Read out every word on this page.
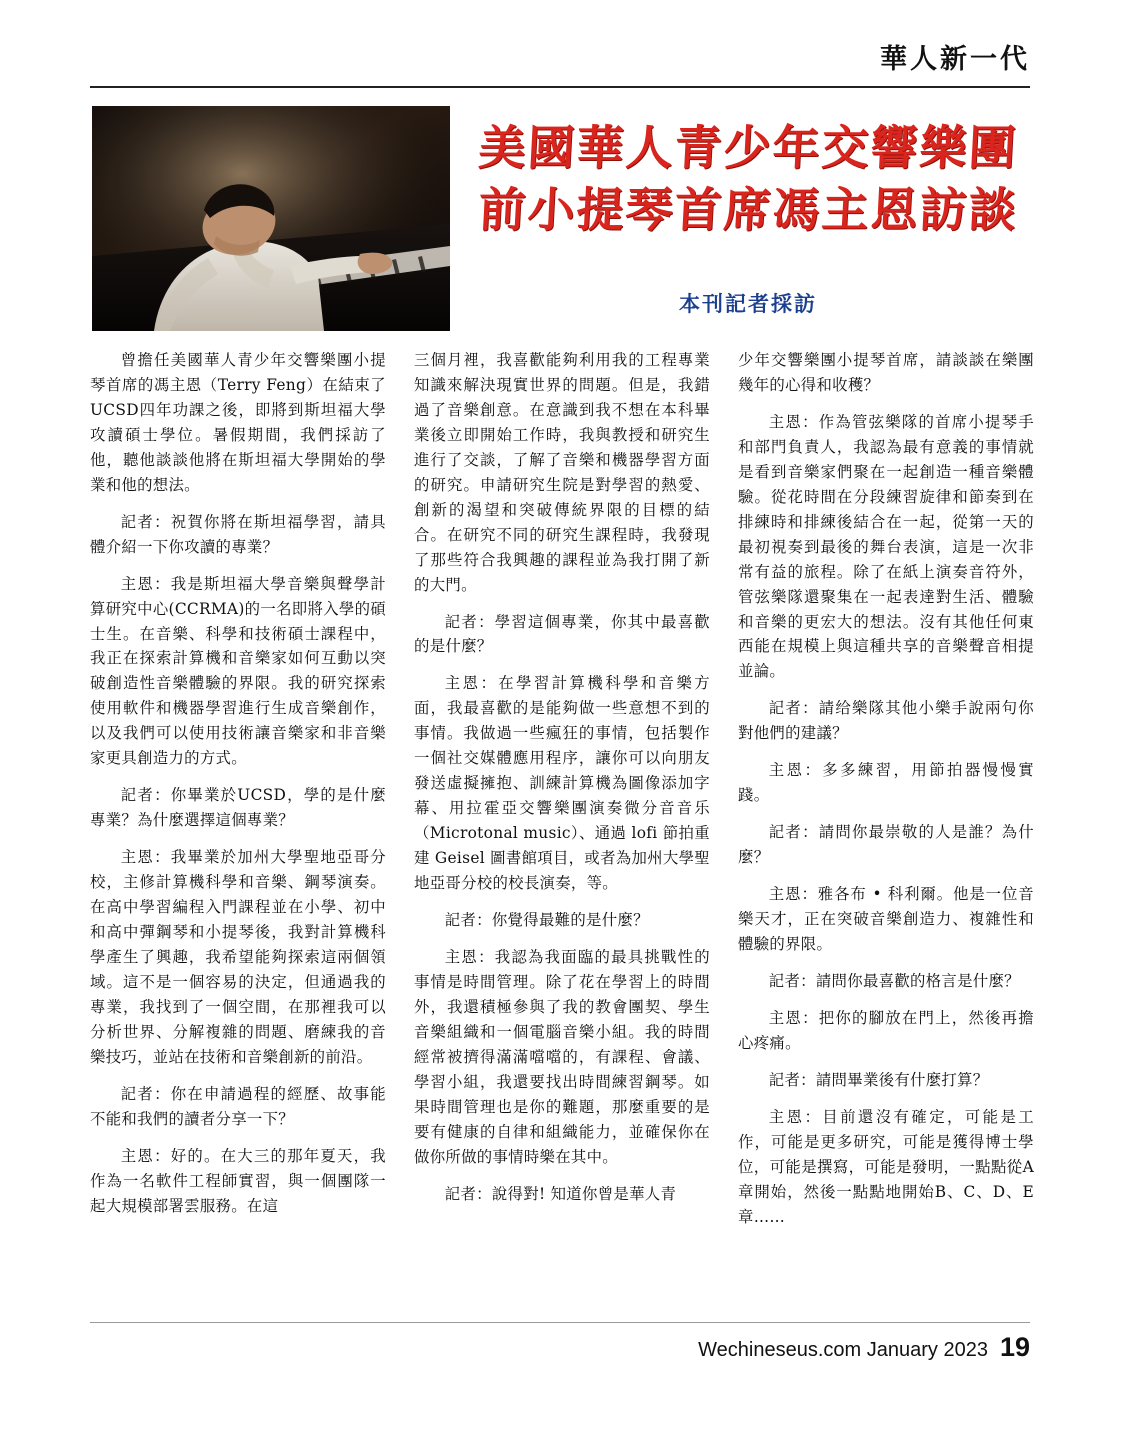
華人新一代
美國華人青少年交響樂團
前小提琴首席馮主恩訪談
本刊記者採訪

曾擔任美國華人青少年交響樂團小提琴首席的馮主恩（Terry Feng）在結束了UCSD四年功課之後，即將到斯坦福大學攻讀碩士學位。暑假期間，我們採訪了他，聽他談談他將在斯坦福大學開始的學業和他的想法。

記者：祝賀你將在斯坦福學習，請具體介紹一下你攻讀的專業？

主恩：我是斯坦福大學音樂與聲學計算研究中心(CCRMA)的一名即將入學的碩士生。在音樂、科學和技術碩士課程中，我正在探索計算機和音樂家如何互動以突破創造性音樂體驗的界限。我的研究探索使用軟件和機器學習進行生成音樂創作，以及我們可以使用技術讓音樂家和非音樂家更具創造力的方式。

記者：你畢業於UCSD，學的是什麼專業？為什麼選擇這個專業？

主恩：我畢業於加州大學聖地亞哥分校，主修計算機科學和音樂、鋼琴演奏。在高中學習編程入門課程並在小學、初中和高中彈鋼琴和小提琴後，我對計算機科學產生了興趣，我希望能夠探索這兩個領域。這不是一個容易的決定，但通過我的專業，我找到了一個空間，在那裡我可以分析世界、分解複雜的問題、磨練我的音樂技巧，並站在技術和音樂創新的前沿。

記者：你在申請過程的經歷、故事能不能和我們的讀者分享一下？

主恩：好的。在大三的那年夏天，我作為一名軟件工程師實習，與一個團隊一起大規模部署雲服務。在這

三個月裡，我喜歡能夠利用我的工程專業知識來解決現實世界的問題。但是，我錯過了音樂創意。在意識到我不想在本科畢業後立即開始工作時，我與教授和研究生進行了交談，了解了音樂和機器學習方面的研究。申請研究生院是對學習的熱愛、創新的渴望和突破傳統界限的目標的結合。在研究不同的研究生課程時，我發現了那些符合我興趣的課程並為我打開了新的大門。

記者：學習這個專業，你其中最喜歡的是什麼？

主恩：在學習計算機科學和音樂方面，我最喜歡的是能夠做一些意想不到的事情。我做過一些瘋狂的事情，包括製作一個社交媒體應用程序，讓你可以向朋友發送虛擬擁抱、訓練計算機為圖像添加字幕、用拉霍亞交響樂團演奏微分音音乐（Microtonal music）、通過 lofi 節拍重建 Geisel 圖書館項目，或者為加州大學聖地亞哥分校的校長演奏，等。

記者：你覺得最難的是什麼？

主恩：我認為我面臨的最具挑戰性的事情是時間管理。除了花在學習上的時間外，我還積極參與了我的教會團契、學生音樂組織和一個電腦音樂小組。我的時間經常被擠得滿滿噹噹的，有課程、會議、學習小組，我還要找出時間練習鋼琴。如果時間管理也是你的難題，那麼重要的是要有健康的自律和組織能力，並確保你在做你所做的事情時樂在其中。

記者：說得對! 知道你曾是華人青

少年交響樂團小提琴首席，請談談在樂團幾年的心得和收穫？

主恩：作為管弦樂隊的首席小提琴手和部門負責人，我認為最有意義的事情就是看到音樂家們聚在一起創造一種音樂體驗。從花時間在分段練習旋律和節奏到在排練時和排練後結合在一起，從第一天的最初視奏到最後的舞台表演，這是一次非常有益的旅程。除了在紙上演奏音符外，管弦樂隊還聚集在一起表達對生活、體驗和音樂的更宏大的想法。沒有其他任何東西能在規模上與這種共享的音樂聲音相提並論。

記者：請给樂隊其他小樂手說兩句你對他們的建議？

主恩：多多練習，用節拍器慢慢實踐。

記者：請問你最崇敬的人是誰？為什麼？

主恩：雅各布 • 科利爾。他是一位音樂天才，正在突破音樂創造力、複雜性和體驗的界限。

記者：請問你最喜歡的格言是什麼？

主恩：把你的腳放在門上，然後再擔心疼痛。

記者：請問畢業後有什麼打算？

主恩：目前還沒有確定，可能是工作，可能是更多研究，可能是獲得博士學位，可能是撰寫，可能是發明，一點點從A章開始，然後一點點地開始B、C、D、E章……

Wechineseus.com January 2023 19
